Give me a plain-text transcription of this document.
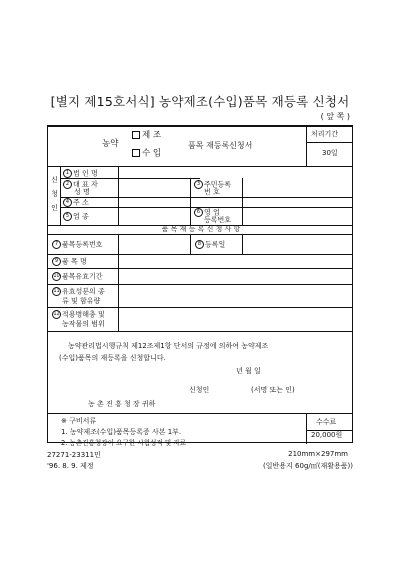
[별지 제15호서식] 농약제조(수입)품목 재등록 신청서
( 앞 쪽 )
농약
제 조
수 입
품목 재등록신청서
처리기간
30일
신청인
1 법 인 명
2 대 표 자
성 명
3 주민등록
번 호
4 주 소
5 업 종
6 영 업
등록번호
품 목 재 등 록 신 청 사 항
7 품목등록번호	8 등록일
9 품 목 명
10 품목유효기간
11 유효성분의 종
류 및 함유량
12 적용병해충 및
농작물의 범위
농약관리법시행규칙 제12조제1항 단서의 규정에 의하여 농약제조
(수입)품목의 재등록을 신청합니다.
년 월 일
신청인	(서명 또는 인)
농 촌 진 흥 청 장 귀하
※ 구비서류
1. 농약제조(수입)품목등록증 사본 1부.
2. 농촌진흥청장이 요구한 시험성적 및 자료
수수료
20,000원
27271-23311민
'96. 8. 9. 제정
210mm×297mm
(일반용지 60g/㎡(재활용품))
